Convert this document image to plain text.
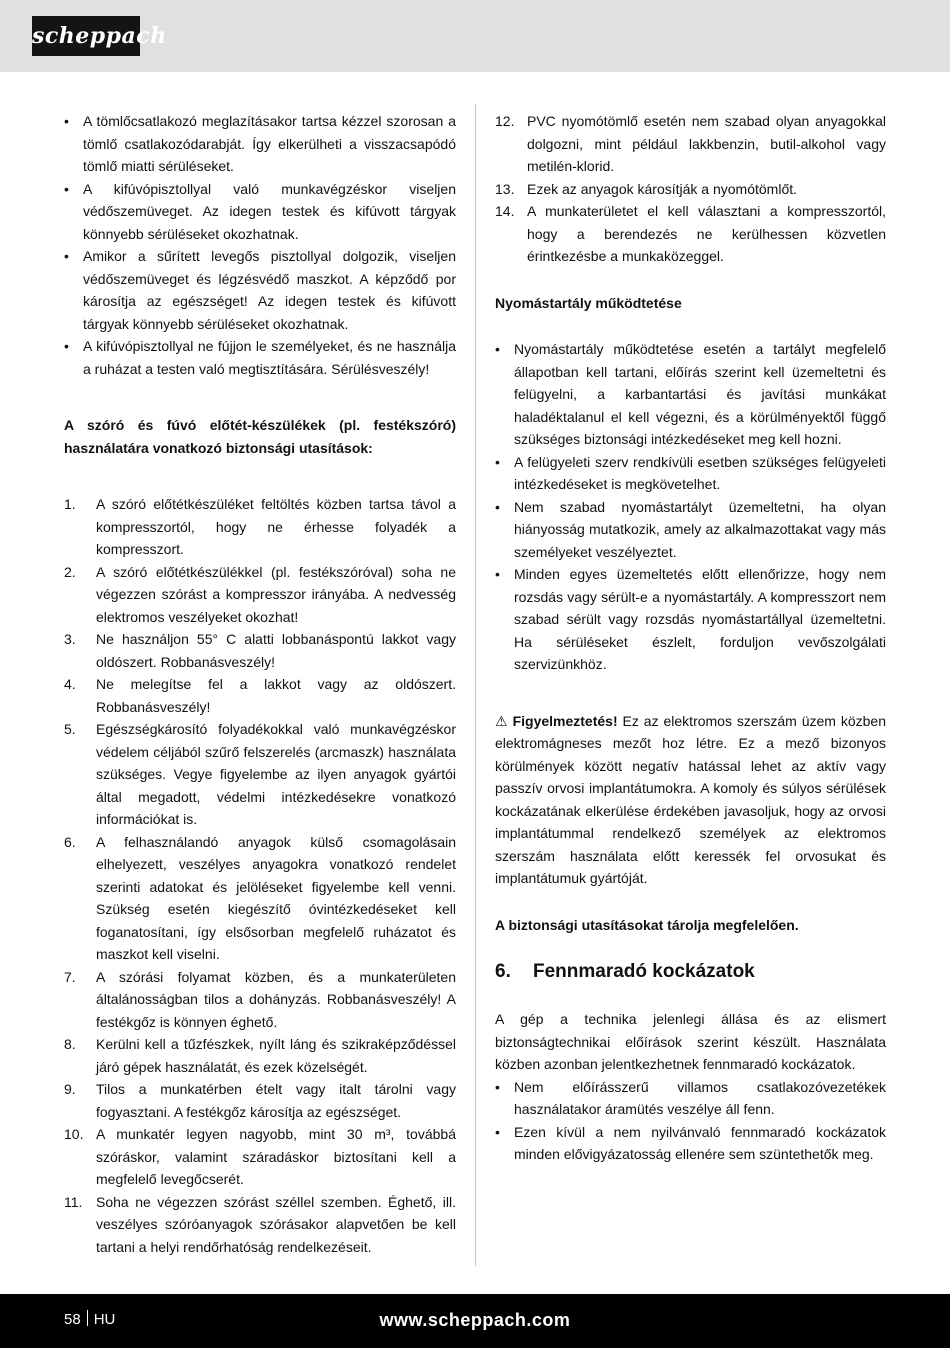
scheppach
• A tömlőcsatlakozó meglazításakor tartsa kézzel szorosan a tömlő csatlakozódarabját. Így elkerülheti a visszacsapódó tömlő miatti sérüléseket.
• A kifúvópisztollyal való munkavégzéskor viseljen védőszemüveget. Az idegen testek és kifúvott tárgyak könnyebb sérüléseket okozhatnak.
• Amikor a sűrített levegős pisztollyal dolgozik, viseljen védőszemüveget és légzésvédő maszkot. A képződő por károsítja az egészséget! Az idegen testek és kifúvott tárgyak könnyebb sérüléseket okozhatnak.
• A kifúvópisztollyal ne fújjon le személyeket, és ne használja a ruházat a testen való megtisztítására. Sérülésveszély!

A szóró és fúvó előtét-készülékek (pl. festékszóró) használatára vonatkozó biztonsági utasítások:

1. A szóró előtétkészüléket feltöltés közben tartsa távol a kompresszortól, hogy ne érhesse folyadék a kompresszort.
2. A szóró előtétkészülékkel (pl. festékszóróval) soha ne végezzen szórást a kompresszor irányába. A nedvesség elektromos veszélyeket okozhat!
3. Ne használjon 55° C alatti lobbanáspontú lakkot vagy oldószert. Robbanásveszély!
4. Ne melegítse fel a lakkot vagy az oldószert. Robbanásveszély!
5. Egészségkárosító folyadékokkal való munkavégzéskor védelem céljából szűrő felszerelés (arcmaszk) használata szükséges. Vegye figyelembe az ilyen anyagok gyártói által megadott, védelmi intézkedésekre vonatkozó információkat is.
6. A felhasználandó anyagok külső csomagolásain elhelyezett, veszélyes anyagokra vonatkozó rendelet szerinti adatokat és jelöléseket figyelembe kell venni. Szükség esetén kiegészítő óvintézkedéseket kell foganatosítani, így elsősorban megfelelő ruházatot és maszkot kell viselni.
7. A szórási folyamat közben, és a munkaterületen általánosságban tilos a dohányzás. Robbanásveszély! A festékgőz is könnyen éghető.
8. Kerülni kell a tűzfészkek, nyílt láng és szikraképződéssel járó gépek használatát, és ezek közelségét.
9. Tilos a munkatérben ételt vagy italt tárolni vagy fogyasztani. A festékgőz károsítja az egészséget.
10. A munkatér legyen nagyobb, mint 30 m³, továbbá szóráskor, valamint száradáskor biztosítani kell a megfelelő levegőcserét.
11. Soha ne végezzen szórást széllel szemben. Éghető, ill. veszélyes szóróanyagok szórásakor alapvetően be kell tartani a helyi rendőrhatóság rendelkezéseit.
12. PVC nyomótömlő esetén nem szabad olyan anyagokkal dolgozni, mint például lakkbenzin, butil-alkohol vagy metilén-klorid.
13. Ezek az anyagok károsítják a nyomótömlőt.
14. A munkaterületet el kell választani a kompresszortól, hogy a berendezés ne kerülhessen közvetlen érintkezésbe a munkaközeggel.

Nyomástartály működtetése

• Nyomástartály működtetése esetén a tartályt megfelelő állapotban kell tartani, előírás szerint kell üzemeltetni és felügyelni, a karbantartási és javítási munkákat haladéktalanul el kell végezni, és a körülményektől függő szükséges biztonsági intézkedéseket meg kell hozni.
• A felügyeleti szerv rendkívüli esetben szükséges felügyeleti intézkedéseket is megkövetelhet.
• Nem szabad nyomástartályt üzemeltetni, ha olyan hiányosság mutatkozik, amely az alkalmazottakat vagy más személyeket veszélyeztet.
• Minden egyes üzemeltetés előtt ellenőrizze, hogy nem rozsdás vagy sérült-e a nyomástartály. A kompresszort nem szabad sérült vagy rozsdás nyomástartállyal üzemeltetni. Ha sérüléseket észlelt, forduljon vevőszolgálati szervizünkhöz.

⚠ Figyelmeztetés! Ez az elektromos szerszám üzem közben elektromágneses mezőt hoz létre. Ez a mező bizonyos körülmények között negatív hatással lehet az aktív vagy passzív orvosi implantátumokra. A komoly és súlyos sérülések kockázatának elkerülése érdekében javasoljuk, hogy az orvosi implantátummal rendelkező személyek az elektromos szerszám használata előtt keressék fel orvosukat és implantátumuk gyártóját.

A biztonsági utasításokat tárolja megfelelően.

6.	Fennmaradó kockázatok

A gép a technika jelenlegi állása és az elismert biztonságtechnikai előírások szerint készült. Használata közben azonban jelentkezhetnek fennmaradó kockázatok.

• Nem előírásszerű villamos csatlakozóvezetékek használatakor áramütés veszélye áll fenn.
• Ezen kívül a nem nyilvánvaló fennmaradó kockázatok minden elővigyázatosság ellenére sem szüntethetők meg.
58 HU	www.scheppach.com
